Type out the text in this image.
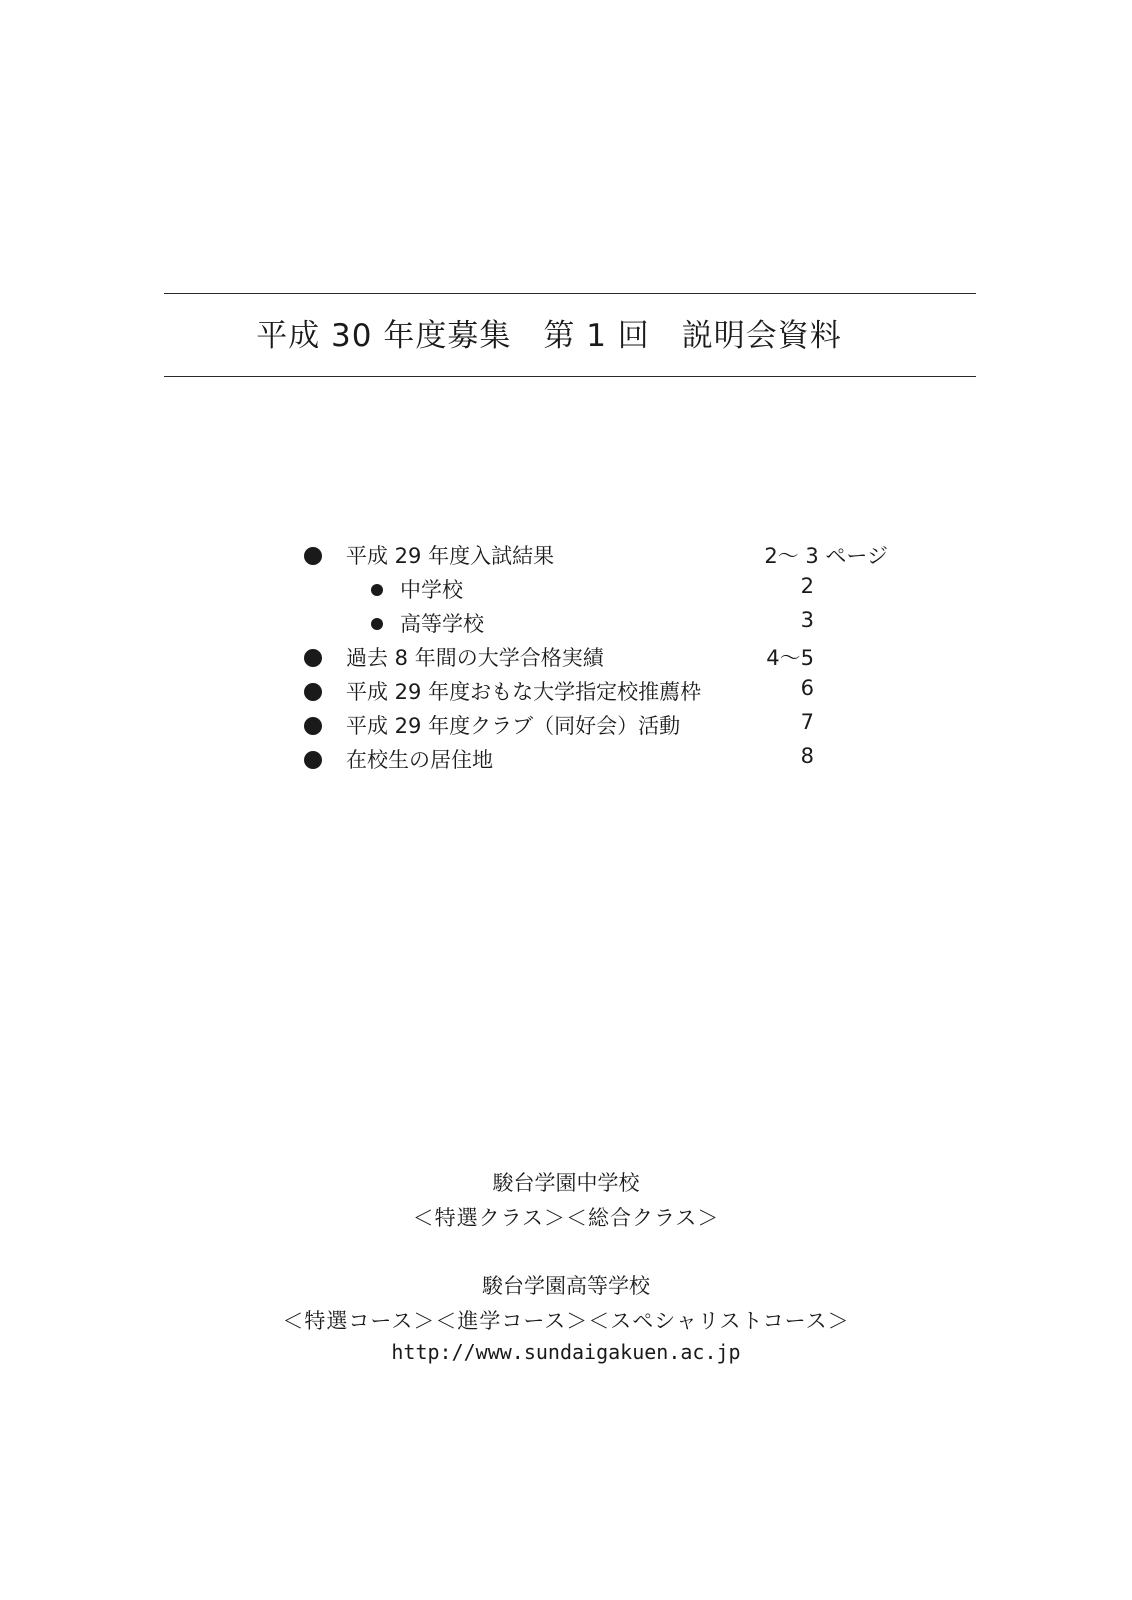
平成 30 年度募集　第 1 回　説明会資料
平成 29 年度入試結果	2～ 3 ページ
中学校	2
高等学校	3
過去 8 年間の大学合格実績	4～5
平成 29 年度おもな大学指定校推薦枠	6
平成 29 年度クラブ（同好会）活動	7
在校生の居住地	8
駿台学園中学校
＜特選クラス＞＜総合クラス＞
駿台学園高等学校
＜特選コース＞＜進学コース＞＜スペシャリストコース＞
http://www.sundaigakuen.ac.jp
